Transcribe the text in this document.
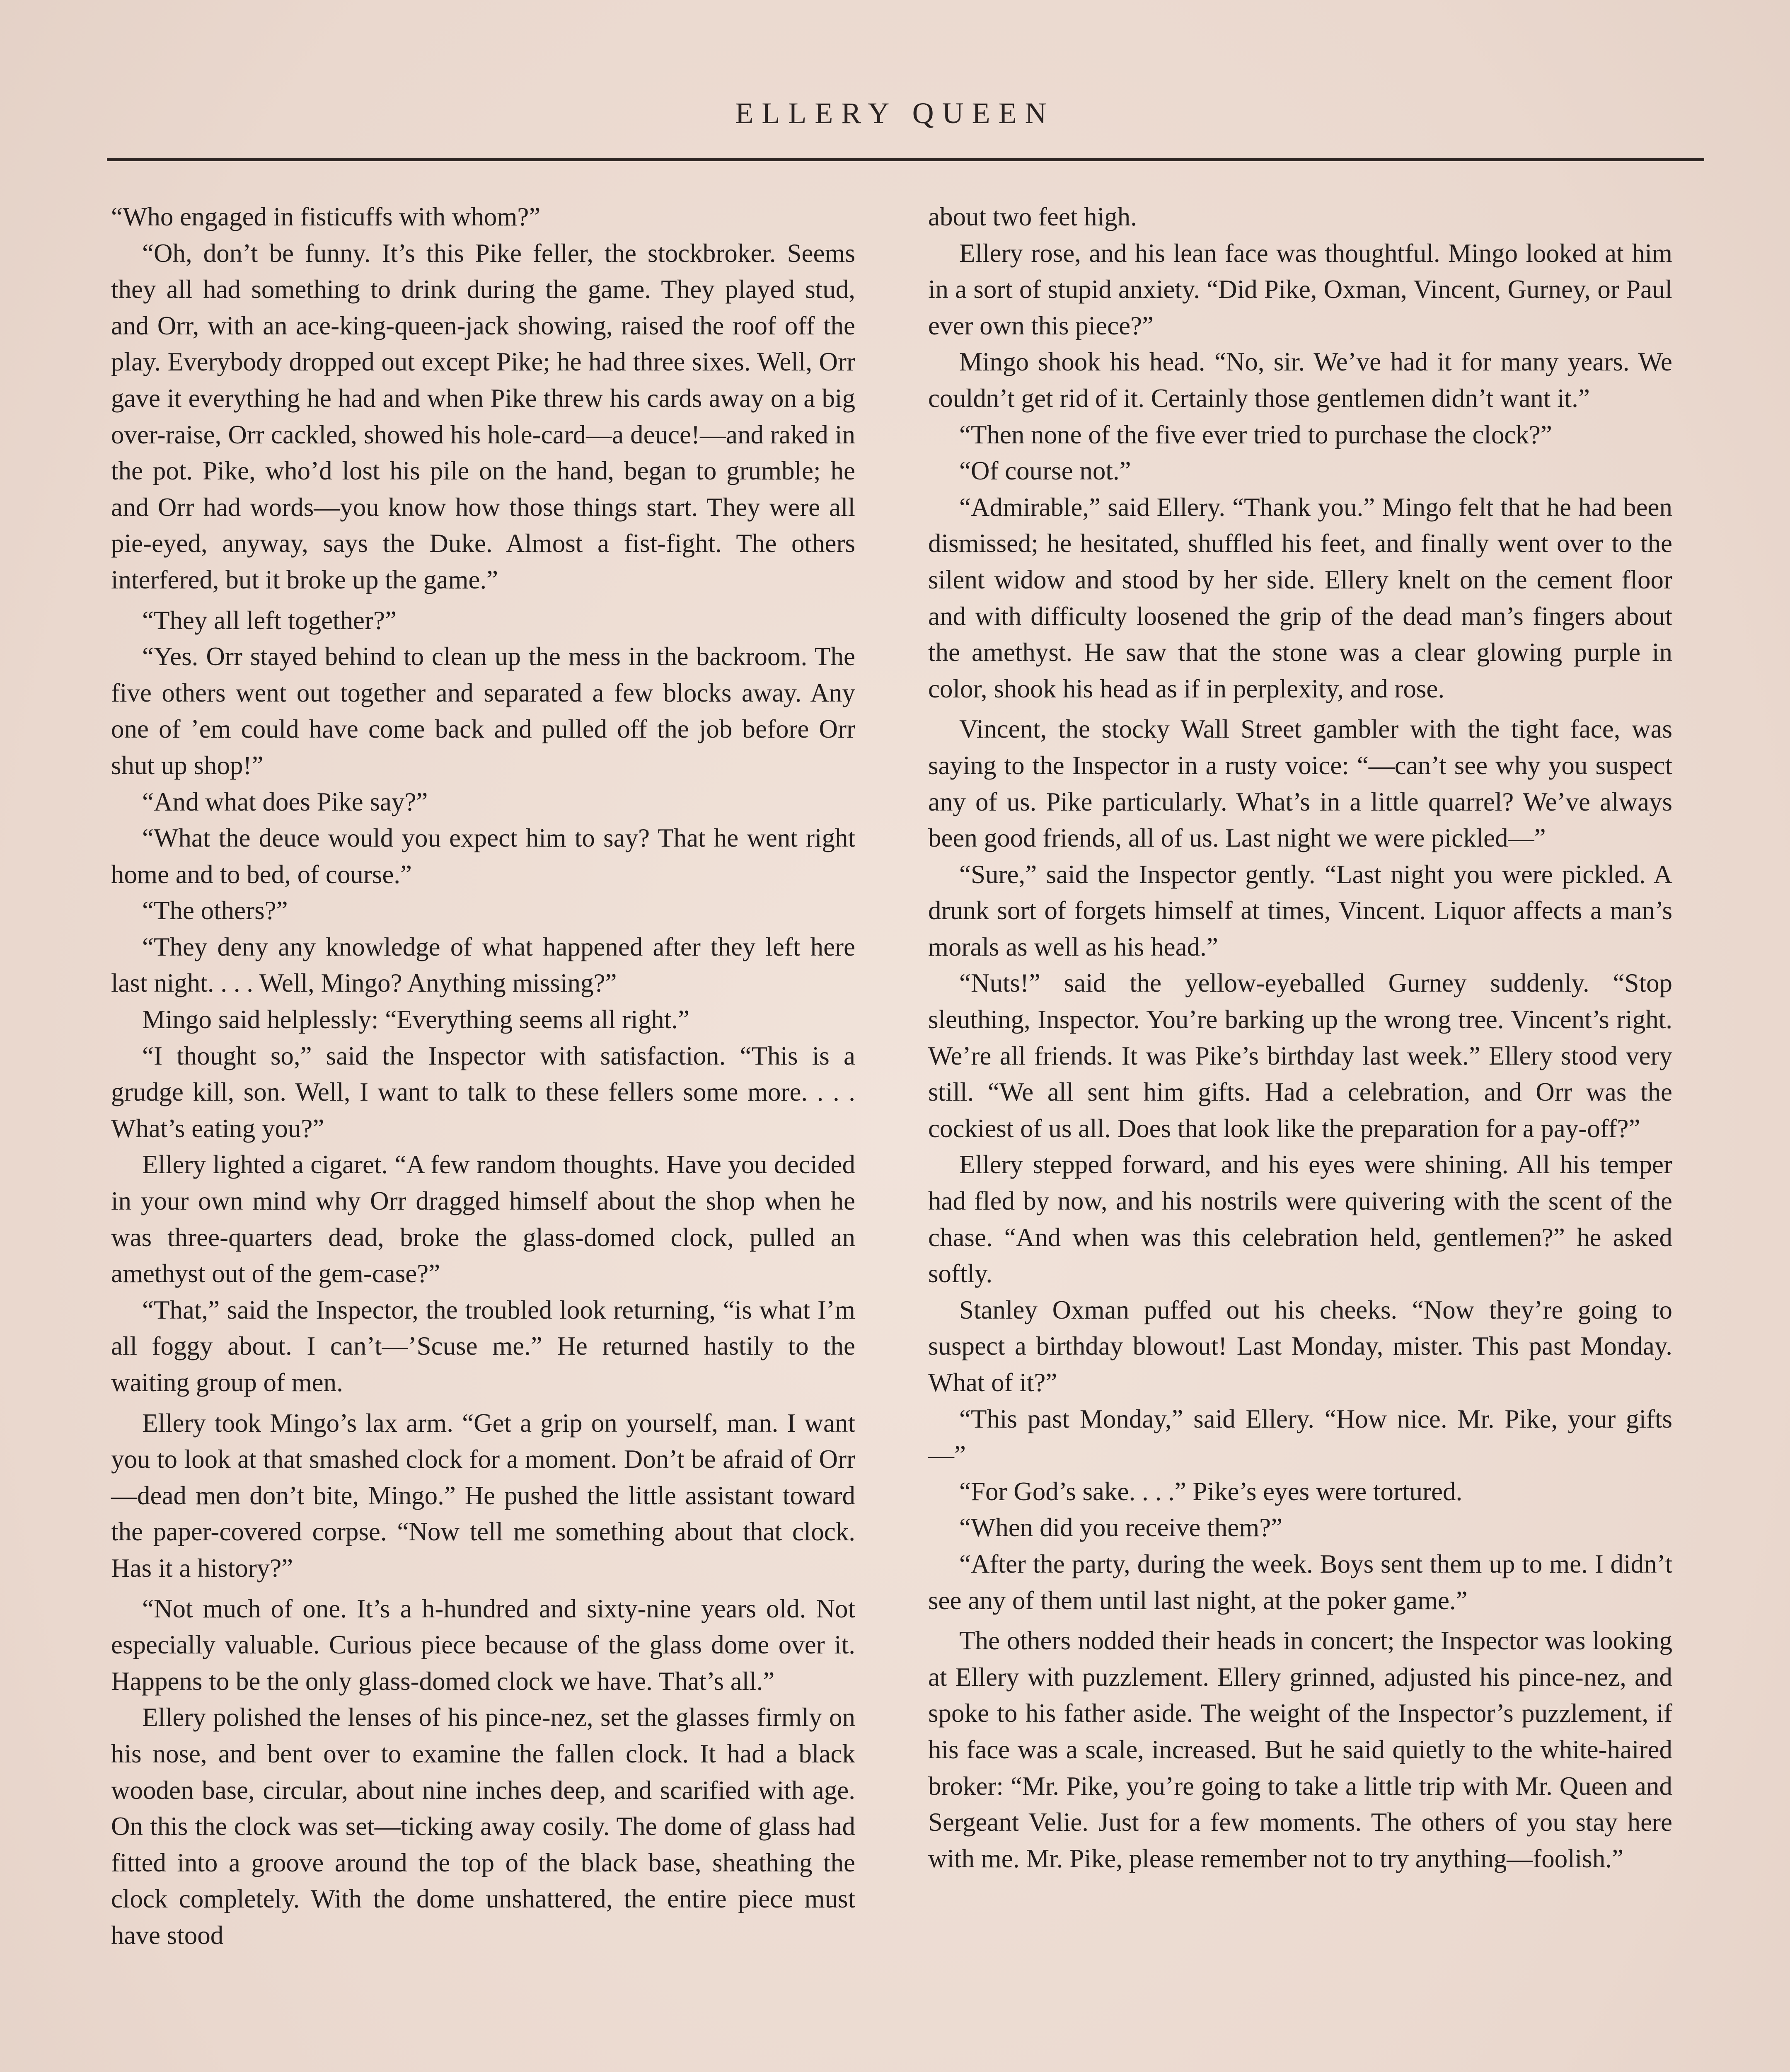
ELLERY QUEEN

“Who engaged in fisticuffs with whom?”

“Oh, don’t be funny. It’s this Pike feller, the stockbroker. Seems they all had something to drink during the game. They played stud, and Orr, with an ace-king-queen-jack showing, raised the roof off the play. Everybody dropped out except Pike; he had three sixes. Well, Orr gave it everything he had and when Pike threw his cards away on a big over-raise, Orr cackled, showed his hole-card—a deuce!—and raked in the pot. Pike, who’d lost his pile on the hand, began to grumble; he and Orr had words—you know how those things start. They were all pie-eyed, anyway, says the Duke. Almost a fist-fight. The others interfered, but it broke up the game.”

“They all left together?”

“Yes. Orr stayed behind to clean up the mess in the backroom. The five others went out together and separated a few blocks away. Any one of ’em could have come back and pulled off the job before Orr shut up shop!”

“And what does Pike say?”

“What the deuce would you expect him to say? That he went right home and to bed, of course.”

“The others?”

“They deny any knowledge of what happened after they left here last night. . . . Well, Mingo? Anything missing?”

Mingo said helplessly: “Everything seems all right.”

“I thought so,” said the Inspector with satisfaction. “This is a grudge kill, son. Well, I want to talk to these fellers some more. . . . What’s eating you?”

Ellery lighted a cigaret. “A few random thoughts. Have you decided in your own mind why Orr dragged himself about the shop when he was three-quarters dead, broke the glass-domed clock, pulled an amethyst out of the gem-case?”

“That,” said the Inspector, the troubled look returning, “is what I’m all foggy about. I can’t—’Scuse me.” He returned hastily to the waiting group of men.

Ellery took Mingo’s lax arm. “Get a grip on yourself, man. I want you to look at that smashed clock for a moment. Don’t be afraid of Orr—dead men don’t bite, Mingo.” He pushed the little assistant toward the paper-covered corpse. “Now tell me something about that clock. Has it a history?”

“Not much of one. It’s a h-hundred and sixty-nine years old. Not especially valuable. Curious piece because of the glass dome over it. Happens to be the only glass-domed clock we have. That’s all.”

Ellery polished the lenses of his pince-nez, set the glasses firmly on his nose, and bent over to examine the fallen clock. It had a black wooden base, circular, about nine inches deep, and scarified with age. On this the clock was set—ticking away cosily. The dome of glass had fitted into a groove around the top of the black base, sheathing the clock completely. With the dome unshattered, the entire piece must have stood

about two feet high.

Ellery rose, and his lean face was thoughtful. Mingo looked at him in a sort of stupid anxiety. “Did Pike, Oxman, Vincent, Gurney, or Paul ever own this piece?”

Mingo shook his head. “No, sir. We’ve had it for many years. We couldn’t get rid of it. Certainly those gentlemen didn’t want it.”

“Then none of the five ever tried to purchase the clock?”

“Of course not.”

“Admirable,” said Ellery. “Thank you.” Mingo felt that he had been dismissed; he hesitated, shuffled his feet, and finally went over to the silent widow and stood by her side. Ellery knelt on the cement floor and with difficulty loosened the grip of the dead man’s fingers about the amethyst. He saw that the stone was a clear glowing purple in color, shook his head as if in perplexity, and rose.

Vincent, the stocky Wall Street gambler with the tight face, was saying to the Inspector in a rusty voice: “—can’t see why you suspect any of us. Pike particularly. What’s in a little quarrel? We’ve always been good friends, all of us. Last night we were pickled—”

“Sure,” said the Inspector gently. “Last night you were pickled. A drunk sort of forgets himself at times, Vincent. Liquor affects a man’s morals as well as his head.”

“Nuts!” said the yellow-eyeballed Gurney suddenly. “Stop sleuthing, Inspector. You’re barking up the wrong tree. Vincent’s right. We’re all friends. It was Pike’s birthday last week.” Ellery stood very still. “We all sent him gifts. Had a celebration, and Orr was the cockiest of us all. Does that look like the preparation for a pay-off?”

Ellery stepped forward, and his eyes were shining. All his temper had fled by now, and his nostrils were quivering with the scent of the chase. “And when was this celebration held, gentlemen?” he asked softly.

Stanley Oxman puffed out his cheeks. “Now they’re going to suspect a birthday blowout! Last Monday, mister. This past Monday. What of it?”

“This past Monday,” said Ellery. “How nice. Mr. Pike, your gifts—”

“For God’s sake. . . .” Pike’s eyes were tortured.

“When did you receive them?”

“After the party, during the week. Boys sent them up to me. I didn’t see any of them until last night, at the poker game.”

The others nodded their heads in concert; the Inspector was looking at Ellery with puzzlement. Ellery grinned, adjusted his pince-nez, and spoke to his father aside. The weight of the Inspector’s puzzlement, if his face was a scale, increased. But he said quietly to the white-haired broker: “Mr. Pike, you’re going to take a little trip with Mr. Queen and Sergeant Velie. Just for a few moments. The others of you stay here with me. Mr. Pike, please remember not to try anything—foolish.”
